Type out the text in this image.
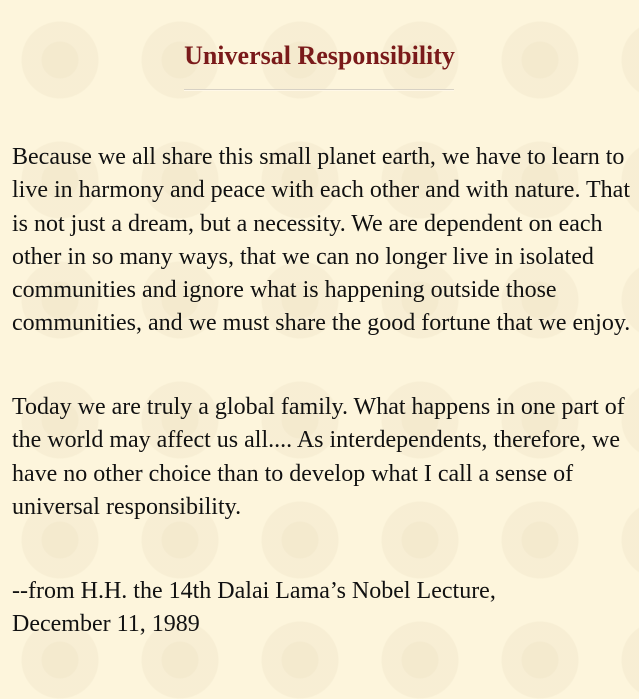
Universal Responsibility

Because we all share this small planet earth, we have to learn to live in harmony and peace with each other and with nature. That is not just a dream, but a necessity. We are dependent on each other in so many ways, that we can no longer live in isolated communities and ignore what is happening outside those communities, and we must share the good fortune that we enjoy.

Today we are truly a global family. What happens in one part of the world may affect us all.... As interdependents, therefore, we have no other choice than to develop what I call a sense of universal responsibility.

--from H.H. the 14th Dalai Lama’s Nobel Lecture,
December 11, 1989
